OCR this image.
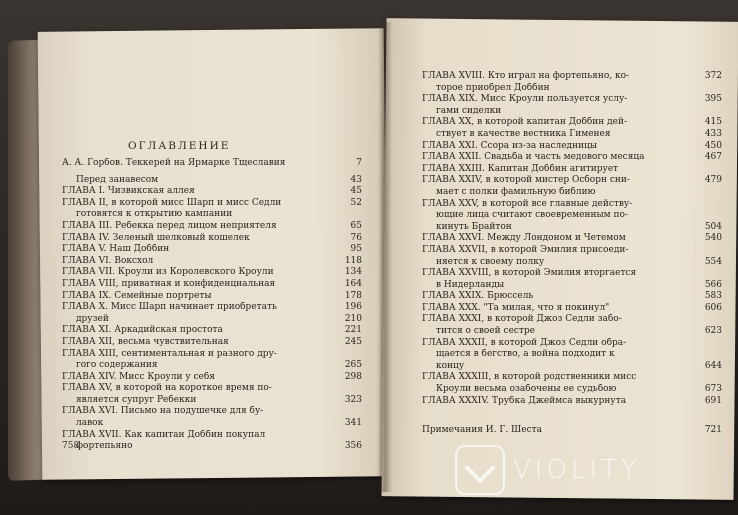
ОГЛАВЛЕНИЕ
А. А. Горбов. Теккерей на Ярмарке Тщеславия	7
Перед занавесом	43
ГЛАВА I. Чизвикская аллея	45
ГЛАВА II, в которой мисс Шарп и мисс Седли	52
готовятся к открытию кампании
ГЛАВА III. Ребекка перед лицом неприятеля	65
ГЛАВА IV. Зеленый шелковый кошелек	76
ГЛАВА V. Наш Доббин	95
ГЛАВА VI. Воксхол	118
ГЛАВА VII. Кроули из Королевского Кроули	134
ГЛАВА VIII, приватная и конфиденциальная	164
ГЛАВА IX. Семейные портреты	178
ГЛАВА X. Мисс Шарп начинает приобретать	196
друзей	210
ГЛАВА XI. Аркадийская простота	221
ГЛАВА XII, весьма чувствительная	245
ГЛАВА XIII, сентиментальная и разного дру-
гого содержания	265
ГЛАВА XIV. Мисс Кроули у себя	298
ГЛАВА XV, в которой на короткое время по-
является супруг Ребекки	323
ГЛАВА XVI. Письмо на подушечке для бу-
лавок	341
ГЛАВА XVII. Как капитан Доббин покупал
фортепьяно	356
ГЛАВА XVIII. Кто играл на фортепьяно, ко-	372
торое приобрел Доббин
ГЛАВА XIX. Мисс Кроули пользуется услу-	395
гами сиделки
ГЛАВА XX, в которой капитан Доббин дей-	415
ствует в качестве вестника Гименея	433
ГЛАВА XXI. Ссора из-за наследницы	450
ГЛАВА XXII. Свадьба и часть медового месяца	467
ГЛАВА XXIII. Капитан Доббин агитирует
ГЛАВА XXIV, в которой мистер Осборн сни-	479
мает с полки фамильную библию
ГЛАВА XXV, в которой все главные действу-
ющие лица считают своевременным по-
кинуть Брайтон	504
ГЛАВА XXVI. Между Лондоном и Четемом	540
ГЛАВА XXVII, в которой Эмилия присоеди-
няется к своему полку	554
ГЛАВА XXVIII, в которой Эмилия вторгается
в Нидерланды	566
ГЛАВА XXIX. Брюссель	583
ГЛАВА XXX. "Та милая, что я покинул"	606
ГЛАВА XXXI, в которой Джоз Седли забо-
тится о своей сестре	623
ГЛАВА XXXII, в которой Джоз Седли обра-
щается в бегство, а война подходит к
концу	644
ГЛАВА XXXIII, в которой родственники мисс
Кроули весьма озабочены ее судьбою	673
ГЛАВА XXXIV. Трубка Джеймса выкурнута	691
Примечания И. Г. Шеста	721
758
VIOLITY
